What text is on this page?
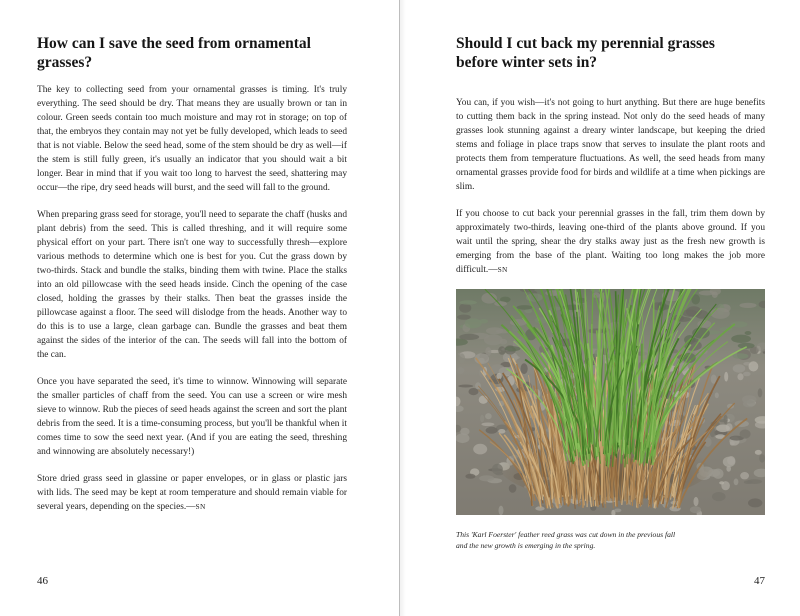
How can I save the seed from ornamental grasses?

The key to collecting seed from your ornamental grasses is timing. It's truly everything. The seed should be dry. That means they are usually brown or tan in colour. Green seeds contain too much moisture and may rot in storage; on top of that, the embryos they contain may not yet be fully developed, which leads to seed that is not viable. Below the seed head, some of the stem should be dry as well—if the stem is still fully green, it's usually an indicator that you should wait a bit longer. Bear in mind that if you wait too long to harvest the seed, shattering may occur—the ripe, dry seed heads will burst, and the seed will fall to the ground.

When preparing grass seed for storage, you'll need to separate the chaff (husks and plant debris) from the seed. This is called threshing, and it will require some physical effort on your part. There isn't one way to successfully thresh—explore various methods to determine which one is best for you. Cut the grass down by two-thirds. Stack and bundle the stalks, binding them with twine. Place the stalks into an old pillowcase with the seed heads inside. Cinch the opening of the case closed, holding the grasses by their stalks. Then beat the grasses inside the pillowcase against a floor. The seed will dislodge from the heads. Another way to do this is to use a large, clean garbage can. Bundle the grasses and beat them against the sides of the interior of the can. The seeds will fall into the bottom of the can.

Once you have separated the seed, it's time to winnow. Winnowing will separate the smaller particles of chaff from the seed. You can use a screen or wire mesh sieve to winnow. Rub the pieces of seed heads against the screen and sort the plant debris from the seed. It is a time-consuming process, but you'll be thankful when it comes time to sow the seed next year. (And if you are eating the seed, threshing and winnowing are absolutely necessary!)

Store dried grass seed in glassine or paper envelopes, or in glass or plastic jars with lids. The seed may be kept at room temperature and should remain viable for several years, depending on the species.—SN

46
Should I cut back my perennial grasses before winter sets in?

You can, if you wish—it's not going to hurt anything. But there are huge benefits to cutting them back in the spring instead. Not only do the seed heads of many grasses look stunning against a dreary winter landscape, but keeping the dried stems and foliage in place traps snow that serves to insulate the plant roots and protects them from temperature fluctuations. As well, the seed heads from many ornamental grasses provide food for birds and wildlife at a time when pickings are slim.

If you choose to cut back your perennial grasses in the fall, trim them down by approximately two-thirds, leaving one-third of the plants above ground. If you wait until the spring, shear the dry stalks away just as the fresh new growth is emerging from the base of the plant. Waiting too long makes the job more difficult.—SN

This 'Karl Foerster' feather reed grass was cut down in the previous fall
and the new growth is emerging in the spring.
47
